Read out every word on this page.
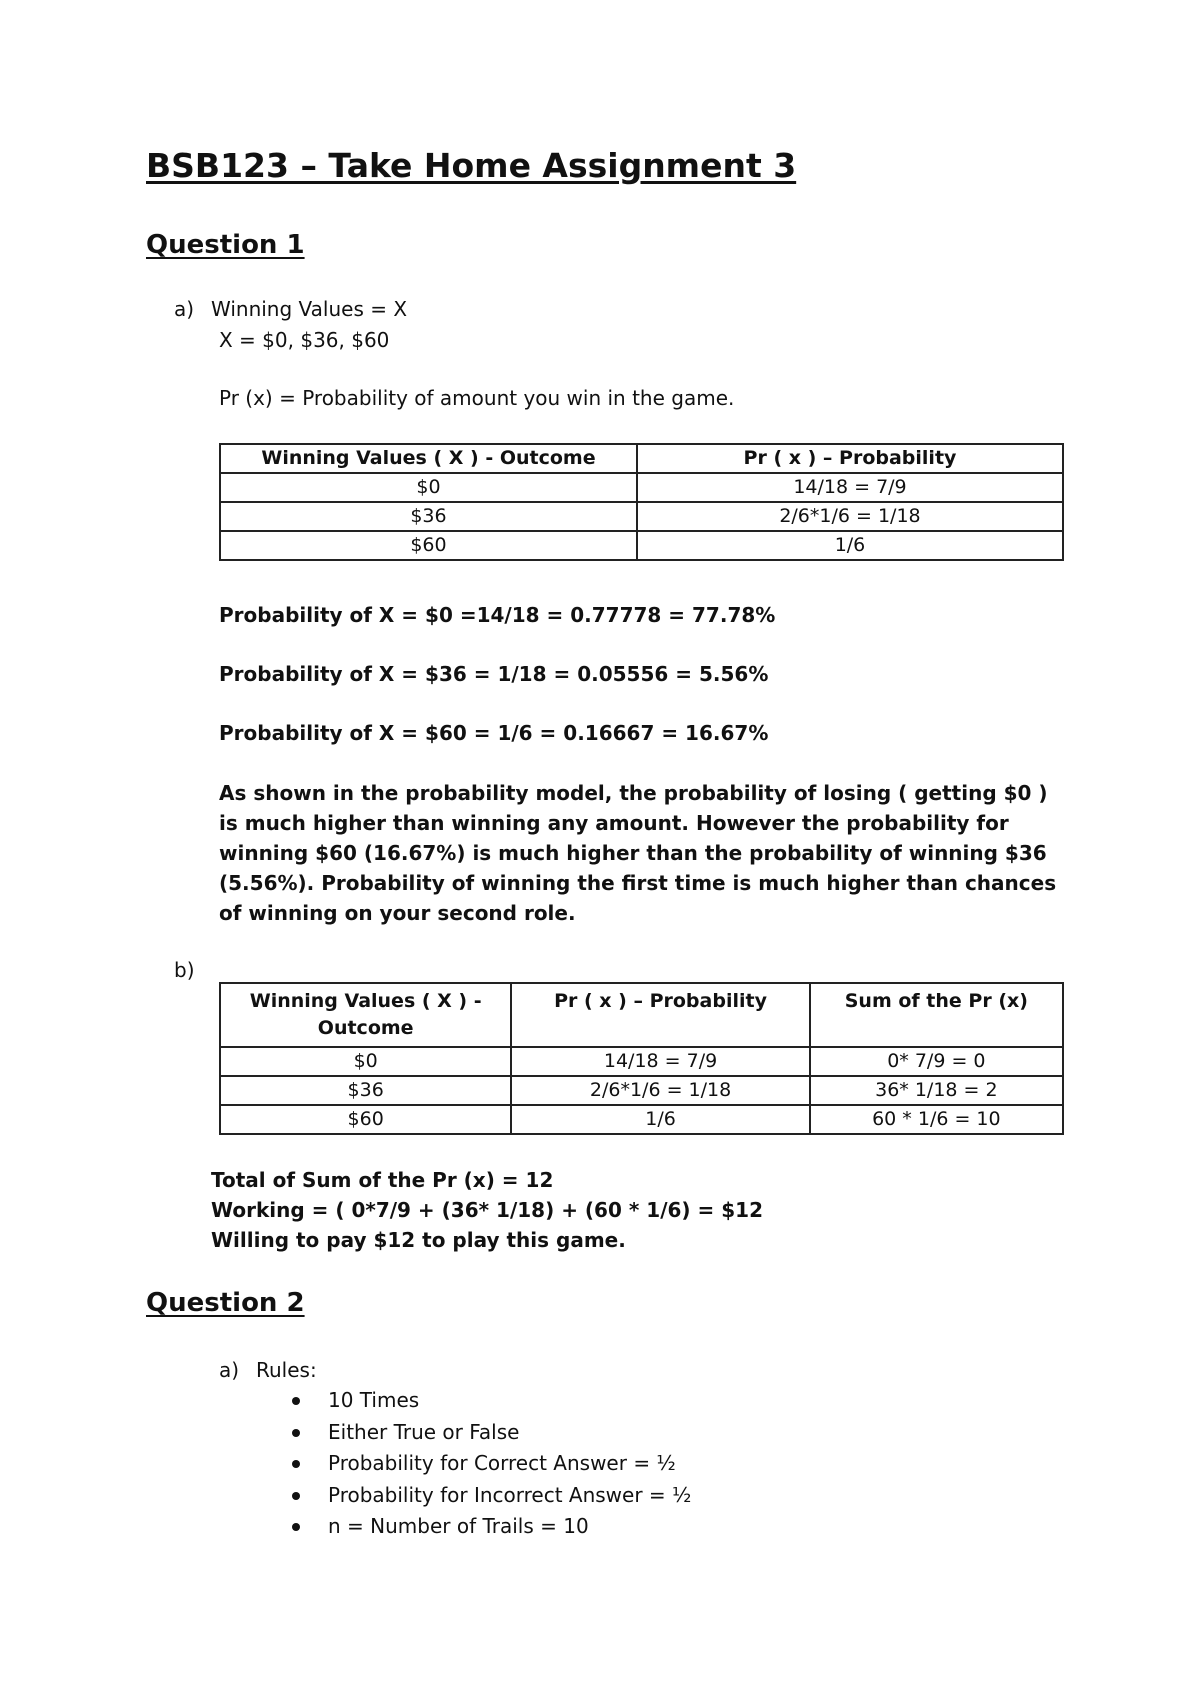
BSB123 – Take Home Assignment 3
Question 1
a) Winning Values = X
X = $0, $36, $60
Pr (x) = Probability of amount you win in the game.
Winning Values ( X ) - Outcome	Pr ( x ) – Probability
$0	14/18 = 7/9
$36	2/6*1/6 = 1/18
$60	1/6
Probability of X = $0 =14/18 = 0.77778 = 77.78%
Probability of X = $36 = 1/18 = 0.05556 = 5.56%
Probability of X = $60 = 1/6 = 0.16667 = 16.67%
As shown in the probability model, the probability of losing ( getting $0 ) is much higher than winning any amount. However the probability for winning $60 (16.67%) is much higher than the probability of winning $36 (5.56%). Probability of winning the first time is much higher than chances of winning on your second role.
b)
Winning Values ( X ) - Outcome	Pr ( x ) – Probability	Sum of the Pr (x)
$0	14/18 = 7/9	0* 7/9 = 0
$36	2/6*1/6 = 1/18	36* 1/18 = 2
$60	1/6	60 * 1/6 = 10
Total of Sum of the Pr (x) = 12
Working = ( 0*7/9 + (36* 1/18) + (60 * 1/6) = $12
Willing to pay $12 to play this game.
Question 2
a) Rules:
10 Times
Either True or False
Probability for Correct Answer = ½
Probability for Incorrect Answer = ½
n = Number of Trails = 10
